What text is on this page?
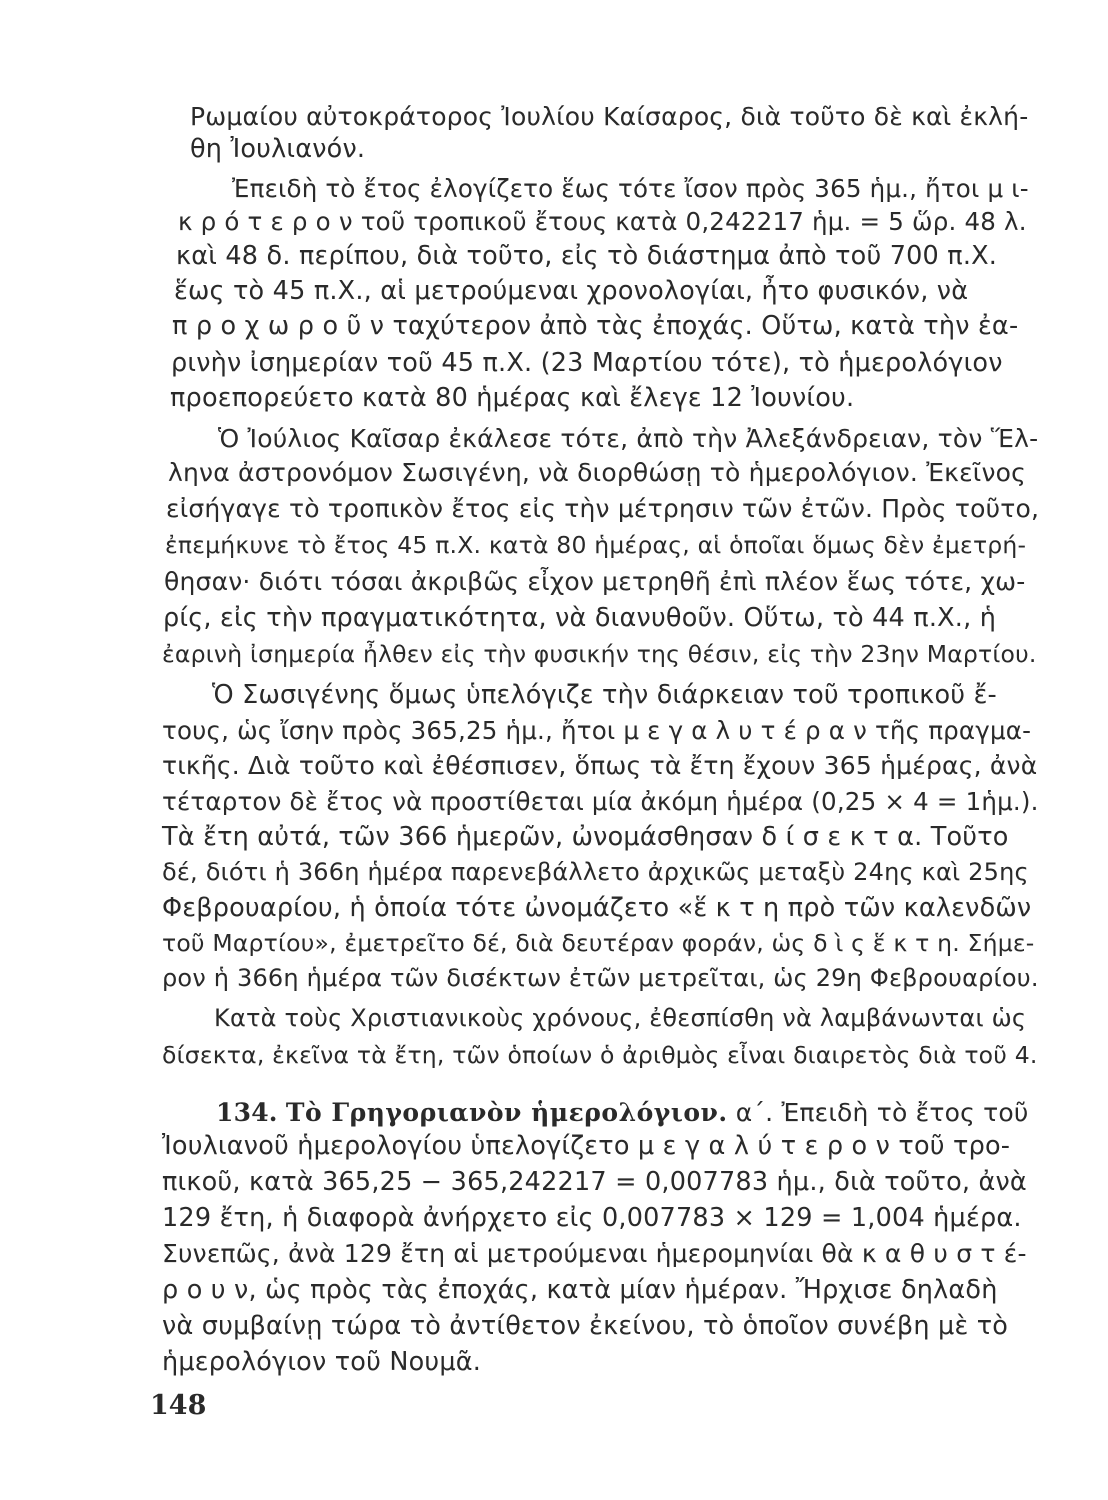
Ρωμαίου αὐτοκράτορος Ἰουλίου Καίσαρος, διὰ τοῦτο δὲ καὶ ἐκλή-
θη Ἰουλιανόν.
Ἐπειδὴ τὸ ἔτος ἐλογίζετο ἕως τότε ἴσον πρὸς 365 ἡμ., ἤτοι μ ι-
κ ρ ό τ ε ρ ο ν τοῦ τροπικοῦ ἔτους κατὰ 0,242217 ἡμ. = 5 ὥρ. 48 λ.
καὶ 48 δ. περίπου, διὰ τοῦτο, εἰς τὸ διάστημα ἀπὸ τοῦ 700 π.Χ.
ἕως τὸ 45 π.Χ., αἱ μετρούμεναι χρονολογίαι, ἦτο φυσικόν, νὰ
π ρ ο χ ω ρ ο ῦ ν ταχύτερον ἀπὸ τὰς ἐποχάς. Οὕτω, κατὰ τὴν ἐα-
ρινὴν ἰσημερίαν τοῦ 45 π.Χ. (23 Μαρτίου τότε), τὸ ἡμερολόγιον
προεπορεύετο κατὰ 80 ἡμέρας καὶ ἔλεγε 12 Ἰουνίου.
Ὁ Ἰούλιος Καῖσαρ ἐκάλεσε τότε, ἀπὸ τὴν Ἀλεξάνδρειαν, τὸν Ἕλ-
ληνα ἀστρονόμον Σωσιγένη, νὰ διορθώσῃ τὸ ἡμερολόγιον. Ἐκεῖνος
εἰσήγαγε τὸ τροπικὸν ἔτος εἰς τὴν μέτρησιν τῶν ἐτῶν. Πρὸς τοῦτο,
ἐπεμήκυνε τὸ ἔτος 45 π.Χ. κατὰ 80 ἡμέρας, αἱ ὁποῖαι ὅμως δὲν ἐμετρή-
θησαν· διότι τόσαι ἀκριβῶς εἶχον μετρηθῆ ἐπὶ πλέον ἕως τότε, χω-
ρίς, εἰς τὴν πραγματικότητα, νὰ διανυθοῦν. Οὕτω, τὸ 44 π.Χ., ἡ
ἐαρινὴ ἰσημερία ἦλθεν εἰς τὴν φυσικήν της θέσιν, εἰς τὴν 23ην Μαρτίου.
Ὁ Σωσιγένης ὅμως ὑπελόγιζε τὴν διάρκειαν τοῦ τροπικοῦ ἔ-
τους, ὡς ἴσην πρὸς 365,25 ἡμ., ἤτοι μ ε γ α λ υ τ έ ρ α ν τῆς πραγμα-
τικῆς. Διὰ τοῦτο καὶ ἐθέσπισεν, ὅπως τὰ ἔτη ἔχουν 365 ἡμέρας, ἀνὰ
τέταρτον δὲ ἔτος νὰ προστίθεται μία ἀκόμη ἡμέρα (0,25 × 4 = 1ἡμ.).
Τὰ ἔτη αὐτά, τῶν 366 ἡμερῶν, ὠνομάσθησαν δ ί σ ε κ τ α. Τοῦτο
δέ, διότι ἡ 366η ἡμέρα παρενεβάλλετο ἀρχικῶς μεταξὺ 24ης καὶ 25ης
Φεβρουαρίου, ἡ ὁποία τότε ὠνομάζετο «ἕ κ τ η πρὸ τῶν καλενδῶν
τοῦ Μαρτίου», ἐμετρεῖτο δέ, διὰ δευτέραν φοράν, ὡς δ ὶ ς ἕ κ τ η. Σήμε-
ρον ἡ 366η ἡμέρα τῶν δισέκτων ἐτῶν μετρεῖται, ὡς 29η Φεβρουαρίου.
Κατὰ τοὺς Χριστιανικοὺς χρόνους, ἐθεσπίσθη νὰ λαμβάνωνται ὡς
δίσεκτα, ἐκεῖνα τὰ ἔτη, τῶν ὁποίων ὁ ἀριθμὸς εἶναι διαιρετὸς διὰ τοῦ 4.
134. Τὸ Γρηγοριανὸν ἡμερολόγιον. α΄. Ἐπειδὴ τὸ ἔτος τοῦ
Ἰουλιανοῦ ἡμερολογίου ὑπελογίζετο μ ε γ α λ ύ τ ε ρ ο ν τοῦ τρο-
πικοῦ, κατὰ 365,25 − 365,242217 = 0,007783 ἡμ., διὰ τοῦτο, ἀνὰ
129 ἔτη, ἡ διαφορὰ ἀνήρχετο εἰς 0,007783 × 129 = 1,004 ἡμέρα.
Συνεπῶς, ἀνὰ 129 ἔτη αἱ μετρούμεναι ἡμερομηνίαι θὰ κ α θ υ σ τ έ-
ρ ο υ ν, ὡς πρὸς τὰς ἐποχάς, κατὰ μίαν ἡμέραν. Ἤρχισε δηλαδὴ
νὰ συμβαίνῃ τώρα τὸ ἀντίθετον ἐκείνου, τὸ ὁποῖον συνέβη μὲ τὸ
ἡμερολόγιον τοῦ Νουμᾶ.
148
